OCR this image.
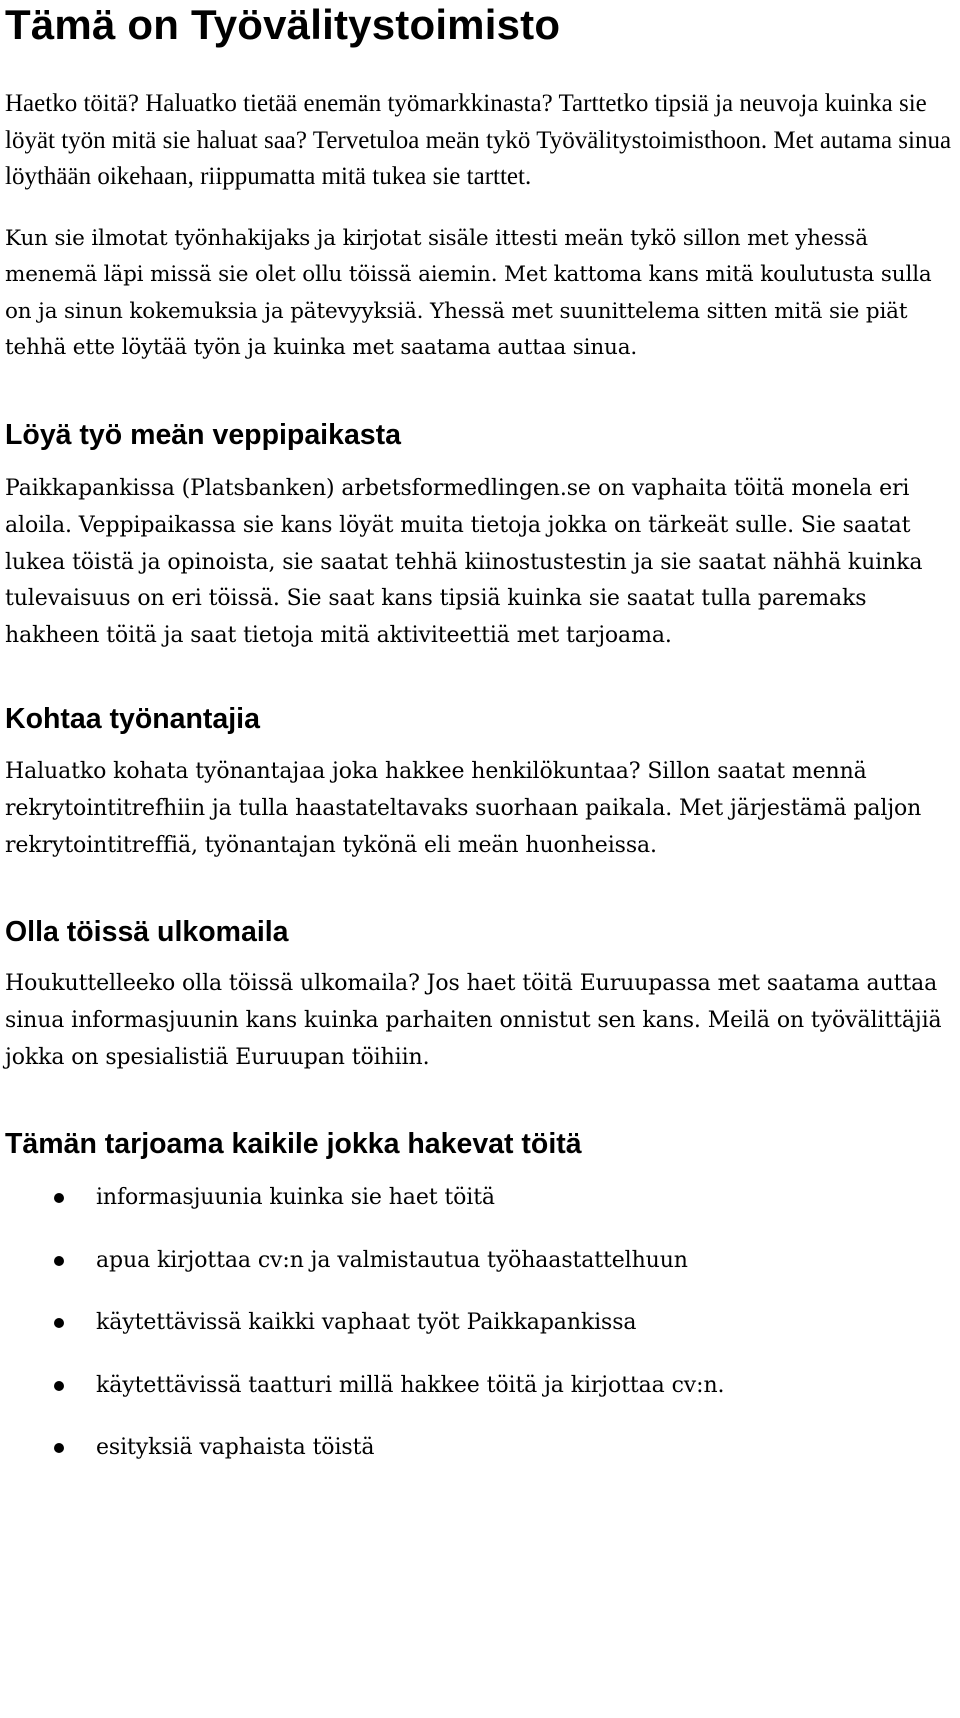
Tämä on Työvälitystoimisto

Haetko töitä? Haluatko tietää enemän työmarkkinasta? Tarttetko tipsiä ja neuvoja kuinka sie löyät työn mitä sie haluat saa? Tervetuloa meän tykö Työvälitystoimisthoon. Met autama sinua löythään oikehaan, riippumatta mitä tukea sie tarttet.

Kun sie ilmotat työnhakijaks ja kirjotat sisäle ittesti meän tykö sillon met yhessä menemä läpi missä sie olet ollu töissä aiemin. Met kattoma kans mitä koulutusta sulla on ja sinun kokemuksia ja pätevyyksiä. Yhessä met suunittelema sitten mitä sie piät tehhä ette löytää työn ja kuinka met saatama auttaa sinua.

Löyä työ meän veppipaikasta

Paikkapankissa (Platsbanken) arbetsformedlingen.se on vaphaita töitä monela eri aloila. Veppipaikassa sie kans löyät muita tietoja jokka on tärkeät sulle. Sie saatat lukea töistä ja opinoista, sie saatat tehhä kiinostustestin ja sie saatat nähhä kuinka tulevaisuus on eri töissä. Sie saat kans tipsiä kuinka sie saatat tulla paremaks hakheen töitä ja saat tietoja mitä aktiviteettiä met tarjoama.

Kohtaa työnantajia

Haluatko kohata työnantajaa joka hakkee henkilökuntaa? Sillon saatat mennä rekrytointitrefhiin ja tulla haastateltavaks suorhaan paikala. Met järjestämä paljon rekrytointitreffiä, työnantajan tykönä eli meän huonheissa.

Olla töissä ulkomaila

Houkuttelleeko olla töissä ulkomaila? Jos haet töitä Euruupassa met saatama auttaa sinua informasjuunin kans kuinka parhaiten onnistut sen kans. Meilä on työvälittäjiä jokka on spesialistiä Euruupan töihiin.

Tämän tarjoama kaikile jokka hakevat töitä
informasjuunia kuinka sie haet töitä
apua kirjottaa cv:n ja valmistautua työhaastattelhuun
käytettävissä kaikki vaphaat työt Paikkapankissa
käytettävissä taatturi millä hakkee töitä ja kirjottaa cv:n.
esityksiä vaphaista töistä
